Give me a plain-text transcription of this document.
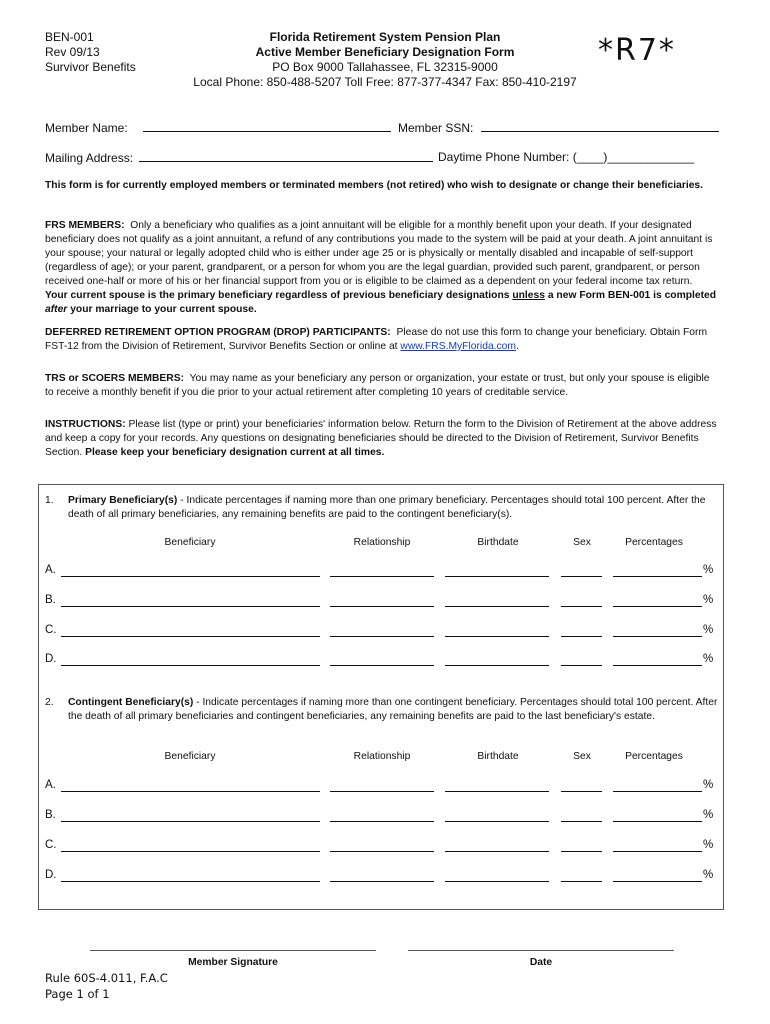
BEN-001
Rev 09/13
Survivor Benefits
Florida Retirement System Pension Plan
Active Member Beneficiary Designation Form
PO Box 9000 Tallahassee, FL 32315-9000
Local Phone: 850-488-5207 Toll Free: 877-377-4347 Fax: 850-410-2197
*R7*
Member Name:	Member SSN:
Mailing Address:	Daytime Phone Number: (____)_____________
This form is for currently employed members or terminated members (not retired) who wish to designate or change their beneficiaries.
FRS MEMBERS: Only a beneficiary who qualifies as a joint annuitant will be eligible for a monthly benefit upon your death. If your designated beneficiary does not qualify as a joint annuitant, a refund of any contributions you made to the system will be paid at your death. A joint annuitant is your spouse; your natural or legally adopted child who is either under age 25 or is physically or mentally disabled and incapable of self-support (regardless of age); or your parent, grandparent, or a person for whom you are the legal guardian, provided such parent, grandparent, or person received one-half or more of his or her financial support from you or is eligible to be claimed as a dependent on your federal income tax return. Your current spouse is the primary beneficiary regardless of previous beneficiary designations unless a new Form BEN-001 is completed after your marriage to your current spouse.
DEFERRED RETIREMENT OPTION PROGRAM (DROP) PARTICIPANTS: Please do not use this form to change your beneficiary. Obtain Form FST-12 from the Division of Retirement, Survivor Benefits Section or online at www.FRS.MyFlorida.com.
TRS or SCOERS MEMBERS: You may name as your beneficiary any person or organization, your estate or trust, but only your spouse is eligible to receive a monthly benefit if you die prior to your actual retirement after completing 10 years of creditable service.
INSTRUCTIONS: Please list (type or print) your beneficiaries' information below. Return the form to the Division of Retirement at the above address and keep a copy for your records. Any questions on designating beneficiaries should be directed to the Division of Retirement, Survivor Benefits Section. Please keep your beneficiary designation current at all times.
1. Primary Beneficiary(s) - Indicate percentages if naming more than one primary beneficiary. Percentages should total 100 percent. After the death of all primary beneficiaries, any remaining benefits are paid to the contingent beneficiary(s).
Beneficiary	Relationship	Birthdate	Sex	Percentages
A.	%
B.	%
C.	%
D.	%
2. Contingent Beneficiary(s) - Indicate percentages if naming more than one contingent beneficiary. Percentages should total 100 percent. After the death of all primary beneficiaries and contingent beneficiaries, any remaining benefits are paid to the last beneficiary's estate.
Beneficiary	Relationship	Birthdate	Sex	Percentages
A.	%
B.	%
C.	%
D.	%
Member Signature	Date
Rule 60S-4.011, F.A.C
Page 1 of 1
